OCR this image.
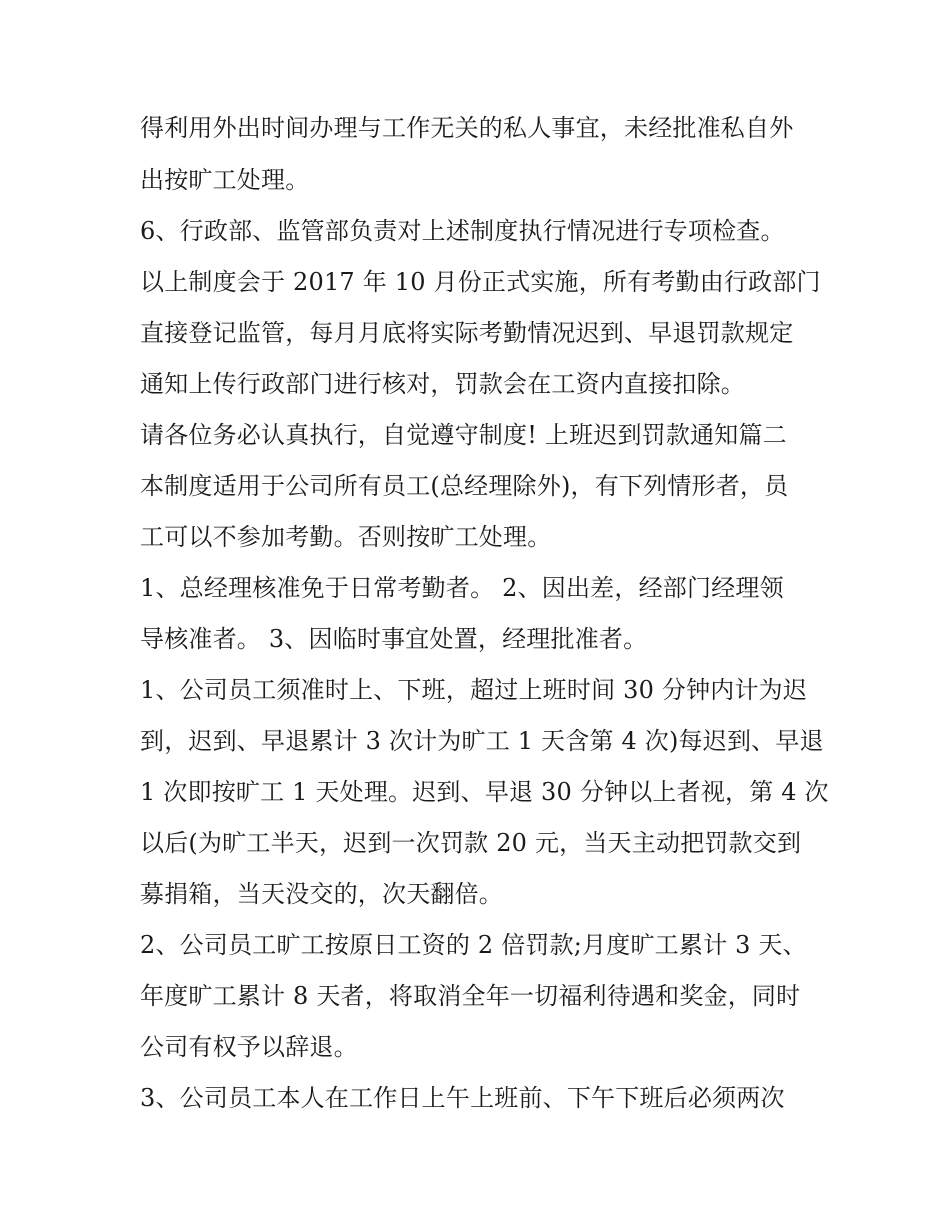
得利用外出时间办理与工作无关的私人事宜，未经批准私自外
出按旷工处理。
6、行政部、监管部负责对上述制度执行情况进行专项检查。
以上制度会于 2017 年 10 月份正式实施，所有考勤由行政部门
直接登记监管，每月月底将实际考勤情况迟到、早退罚款规定
通知上传行政部门进行核对，罚款会在工资内直接扣除。
请各位务必认真执行，自觉遵守制度! 上班迟到罚款通知篇二
本制度适用于公司所有员工(总经理除外)，有下列情形者，员
工可以不参加考勤。否则按旷工处理。
1、总经理核准免于日常考勤者。 2、因出差，经部门经理领
导核准者。 3、因临时事宜处置，经理批准者。
1、公司员工须准时上、下班，超过上班时间 30 分钟内计为迟
到，迟到、早退累计 3 次计为旷工 1 天含第 4 次)每迟到、早退
1 次即按旷工 1 天处理。迟到、早退 30 分钟以上者视，第 4 次
以后(为旷工半天，迟到一次罚款 20 元，当天主动把罚款交到
募捐箱，当天没交的，次天翻倍。
2、公司员工旷工按原日工资的 2 倍罚款;月度旷工累计 3 天、
年度旷工累计 8 天者，将取消全年一切福利待遇和奖金，同时
公司有权予以辞退。
3、公司员工本人在工作日上午上班前、下午下班后必须两次
